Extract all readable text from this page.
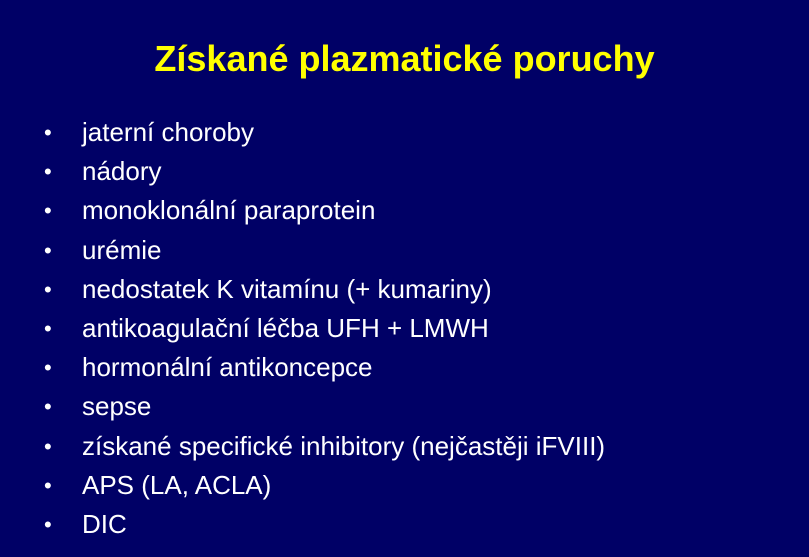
Získané plazmatické poruchy
•	jaterní choroby
•	nádory
•	monoklonální paraprotein
•	urémie
•	nedostatek K vitamínu (+ kumariny)
•	antikoagulační léčba UFH + LMWH
•	hormonální antikoncepce
•	sepse
•	získané specifické inhibitory (nejčastěji iFVIII)
•	APS (LA, ACLA)
•	DIC
